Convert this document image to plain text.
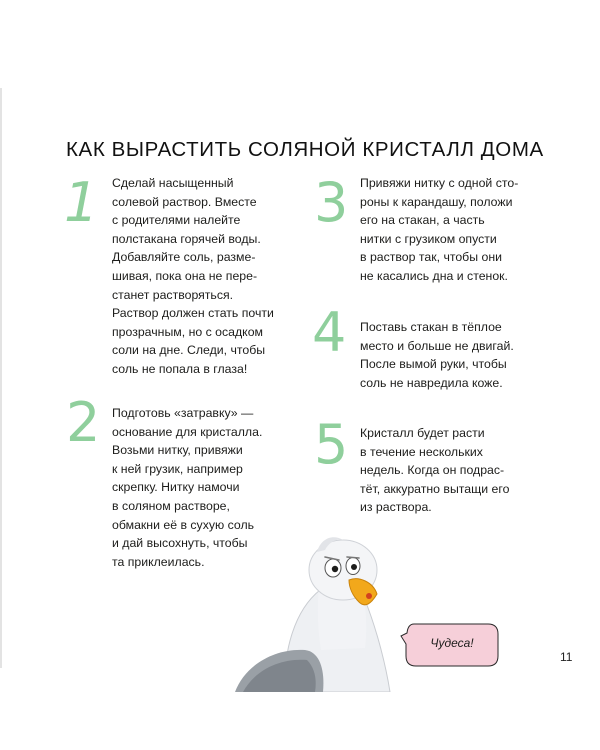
КАК ВЫРАСТИТЬ СОЛЯНОЙ КРИСТАЛЛ ДОМА
1 Сделай насыщенный
солевой раствор. Вместе
с родителями налейте
полстакана горячей воды.
Добавляйте соль, разме-
шивая, пока она не пере-
станет растворяться.
Раствор должен стать почти
прозрачным, но с осадком
соли на дне. Следи, чтобы
соль не попала в глаза!

2 Подготовь «затравку» —
основание для кристалла.
Возьми нитку, привяжи
к ней грузик, например
скрепку. Нитку намочи
в соляном растворе,
обмакни её в сухую соль
и дай высохнуть, чтобы
та приклеилась.

3 Привяжи нитку с одной сто-
роны к карандашу, положи
его на стакан, а часть
нитки с грузиком опусти
в раствор так, чтобы они
не касались дна и стенок.

4 Поставь стакан в тёплое
место и больше не двигай.
После вымой руки, чтобы
соль не навредила коже.

5 Кристалл будет расти
в течение нескольких
недель. Когда он подрас-
тёт, аккуратно вытащи его
из раствора.

Чудеса!
11
